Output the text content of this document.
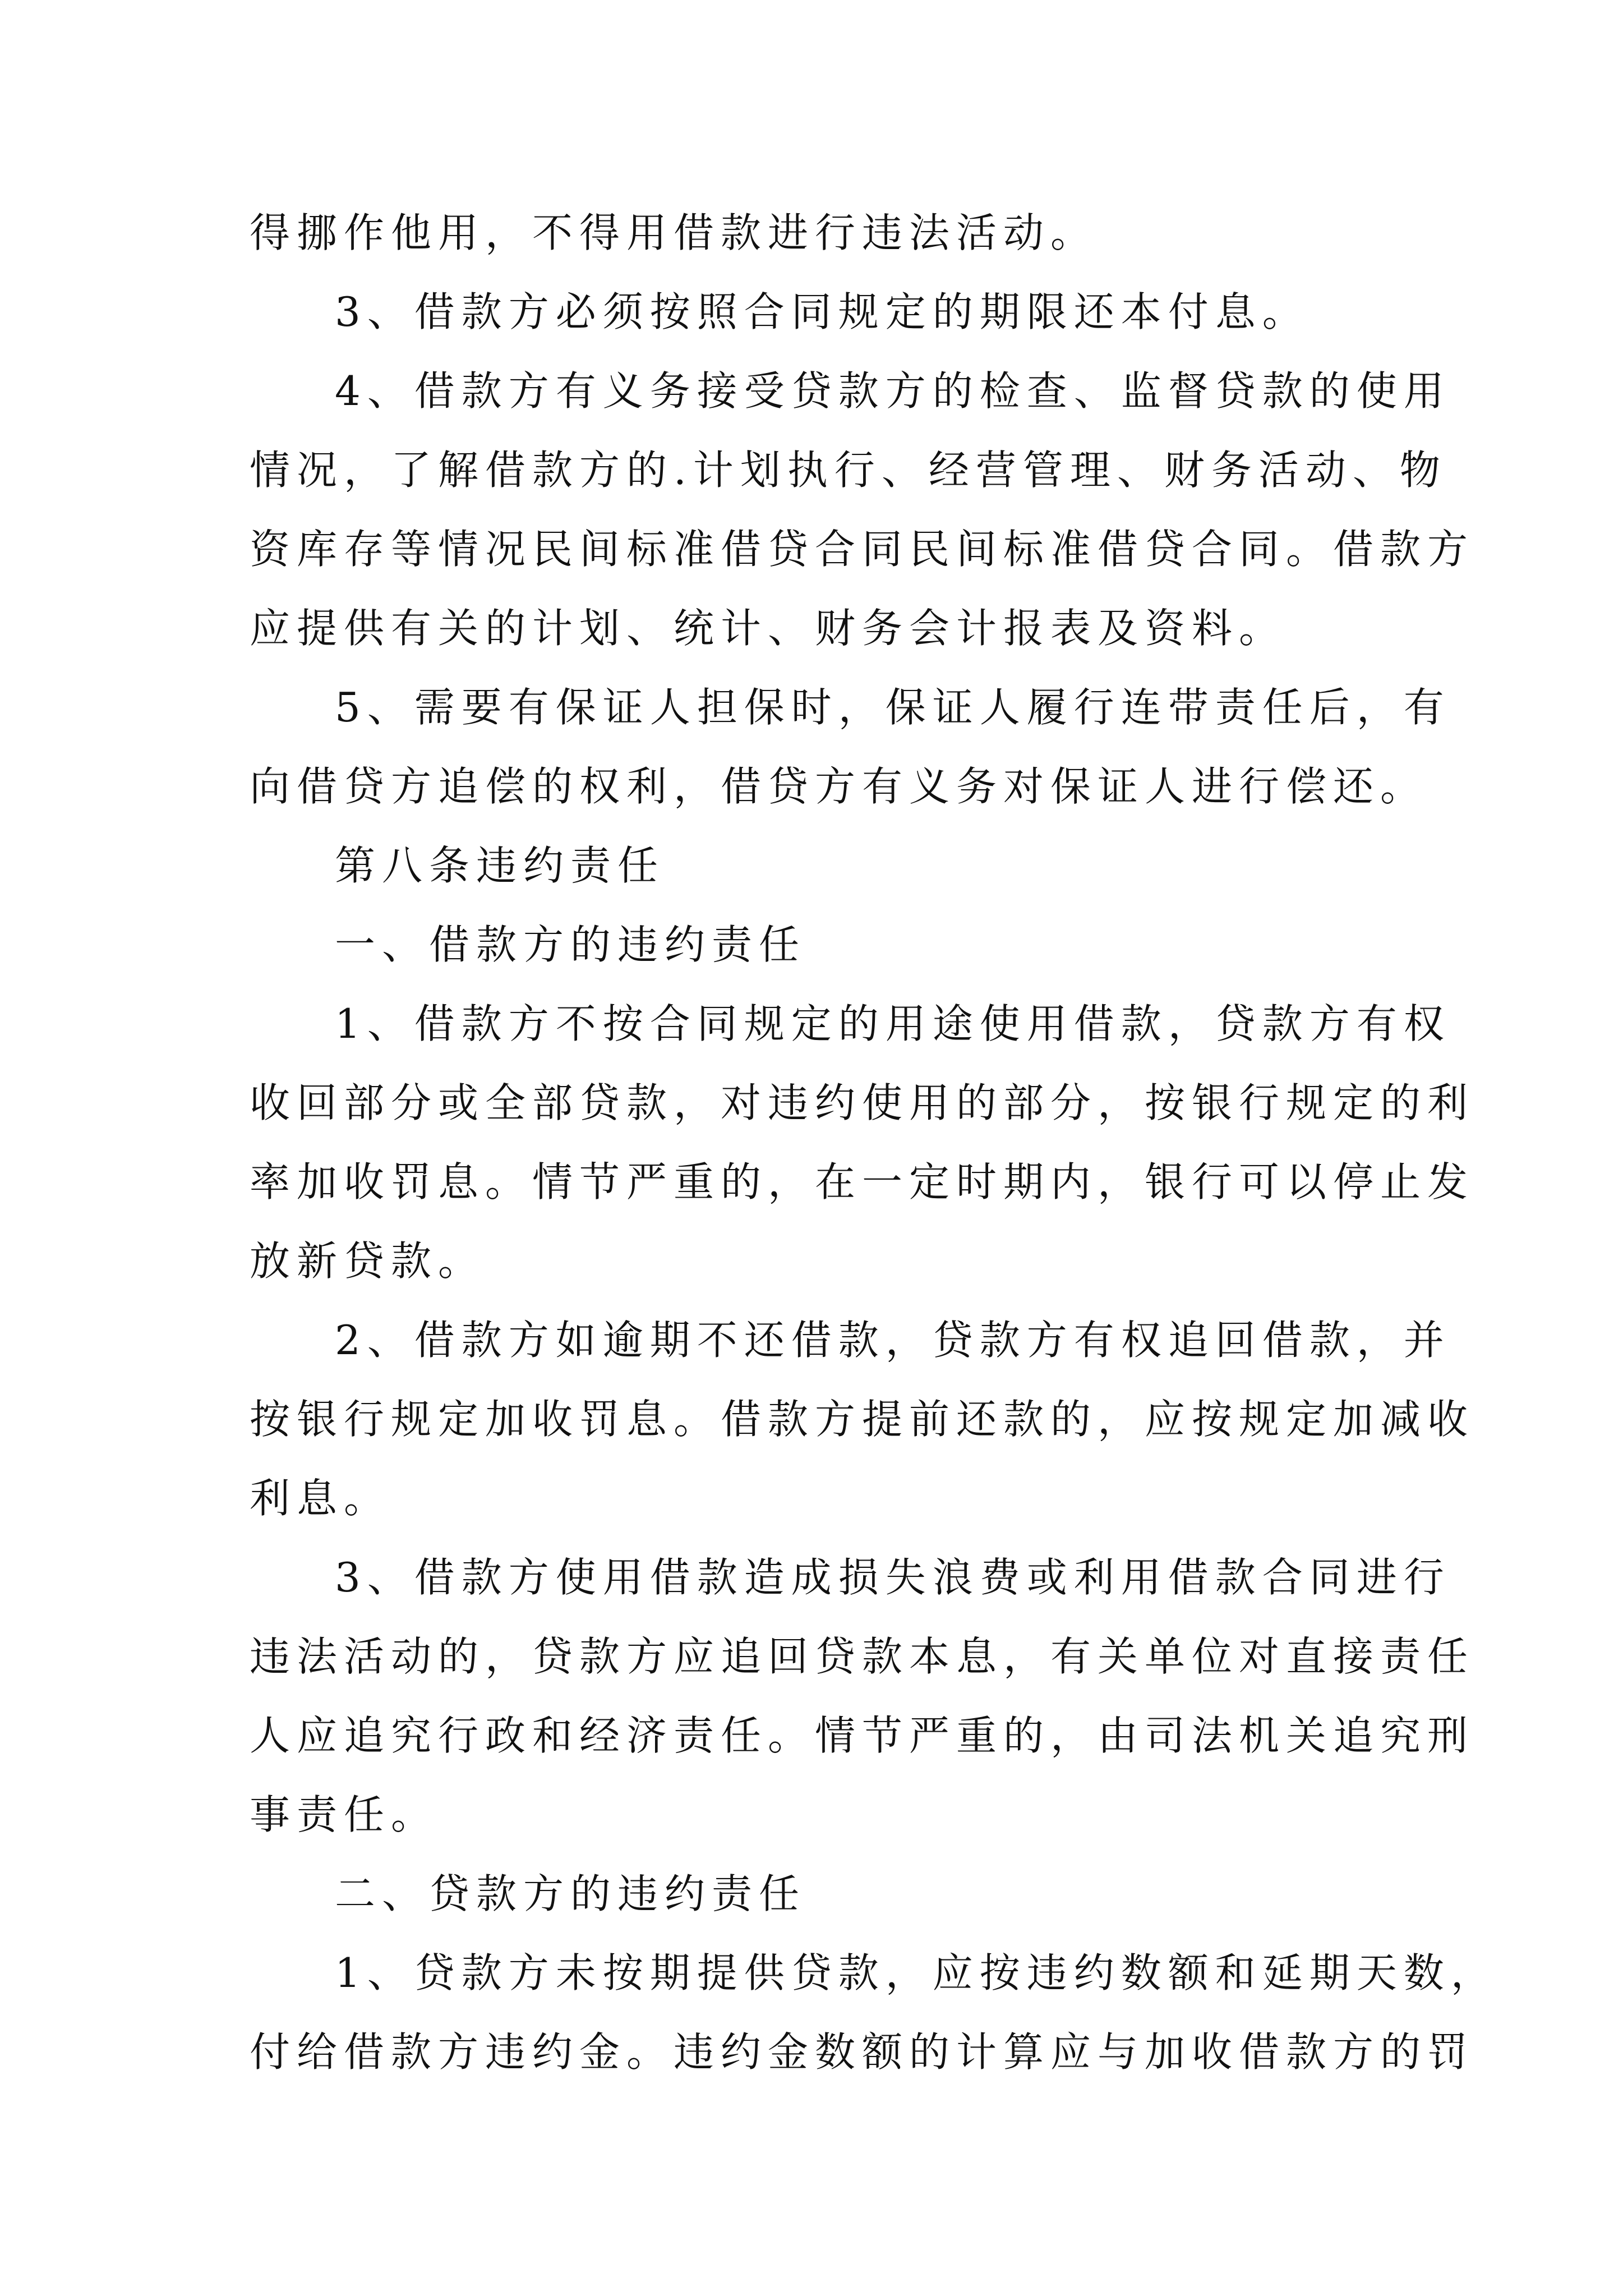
得挪作他用，不得用借款进行违法活动。
3、借款方必须按照合同规定的期限还本付息。
4、借款方有义务接受贷款方的检查、监督贷款的使用
情况，了解借款方的.计划执行、经营管理、财务活动、物
资库存等情况民间标准借贷合同民间标准借贷合同。借款方
应提供有关的计划、统计、财务会计报表及资料。
5、需要有保证人担保时，保证人履行连带责任后，有
向借贷方追偿的权利，借贷方有义务对保证人进行偿还。
第八条违约责任
一、借款方的违约责任
1、借款方不按合同规定的用途使用借款，贷款方有权
收回部分或全部贷款，对违约使用的部分，按银行规定的利
率加收罚息。情节严重的，在一定时期内，银行可以停止发
放新贷款。
2、借款方如逾期不还借款，贷款方有权追回借款，并
按银行规定加收罚息。借款方提前还款的，应按规定加减收
利息。
3、借款方使用借款造成损失浪费或利用借款合同进行
违法活动的，贷款方应追回贷款本息，有关单位对直接责任
人应追究行政和经济责任。情节严重的，由司法机关追究刑
事责任。
二、贷款方的违约责任
1、贷款方未按期提供贷款，应按违约数额和延期天数，
付给借款方违约金。违约金数额的计算应与加收借款方的罚
